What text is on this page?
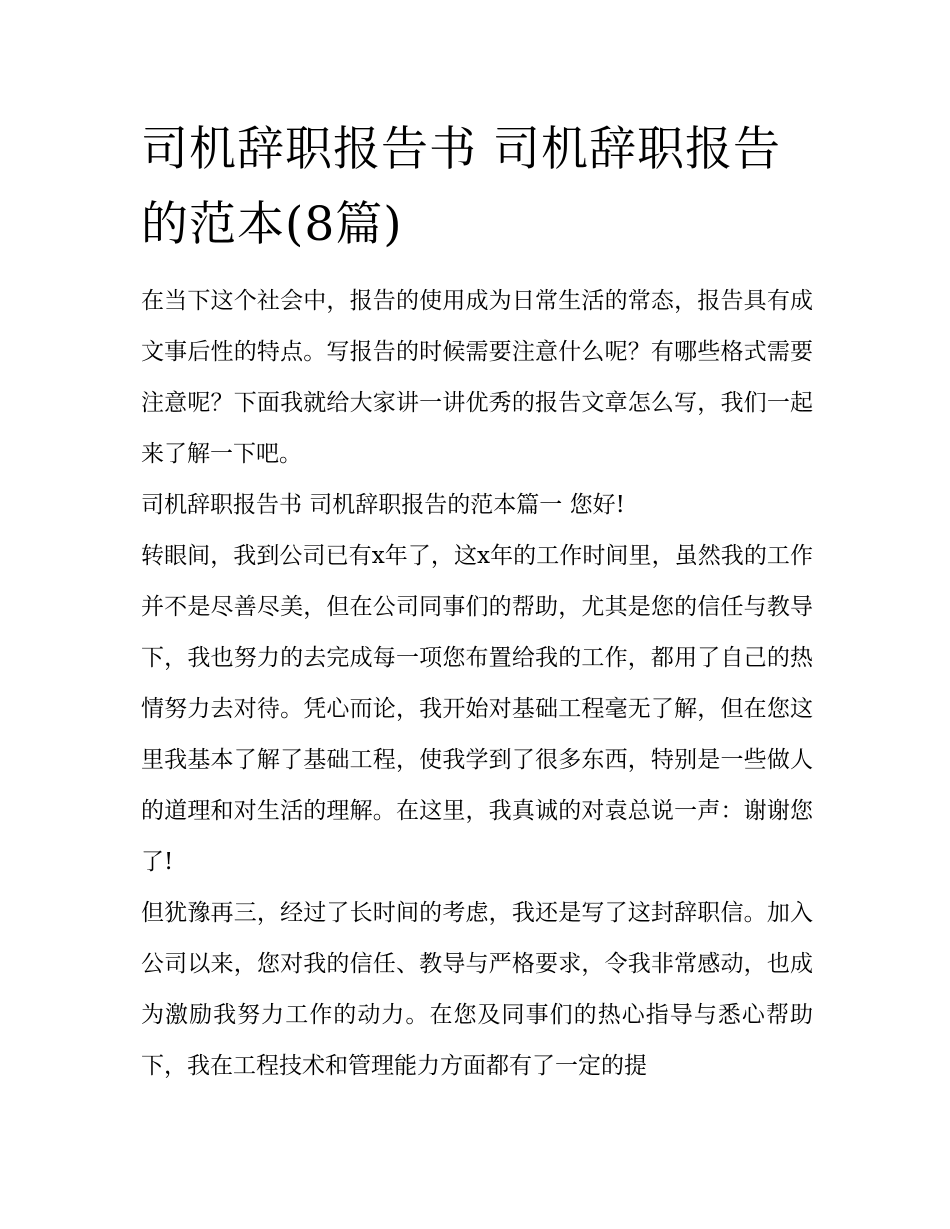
司机辞职报告书 司机辞职报告的范本(8篇)

在当下这个社会中，报告的使用成为日常生活的常态，报告具有成文事后性的特点。写报告的时候需要注意什么呢？有哪些格式需要注意呢？下面我就给大家讲一讲优秀的报告文章怎么写，我们一起来了解一下吧。

司机辞职报告书 司机辞职报告的范本篇一 您好!

转眼间，我到公司已有x年了，这x年的工作时间里，虽然我的工作并不是尽善尽美，但在公司同事们的帮助，尤其是您的信任与教导下，我也努力的去完成每一项您布置给我的工作，都用了自己的热情努力去对待。凭心而论，我开始对基础工程毫无了解，但在您这里我基本了解了基础工程，使我学到了很多东西，特别是一些做人的道理和对生活的理解。在这里，我真诚的对袁总说一声：谢谢您了!

但犹豫再三，经过了长时间的考虑，我还是写了这封辞职信。加入公司以来，您对我的信任、教导与严格要求，令我非常感动，也成为激励我努力工作的动力。在您及同事们的热心指导与悉心帮助下，我在工程技术和管理能力方面都有了一定的提
